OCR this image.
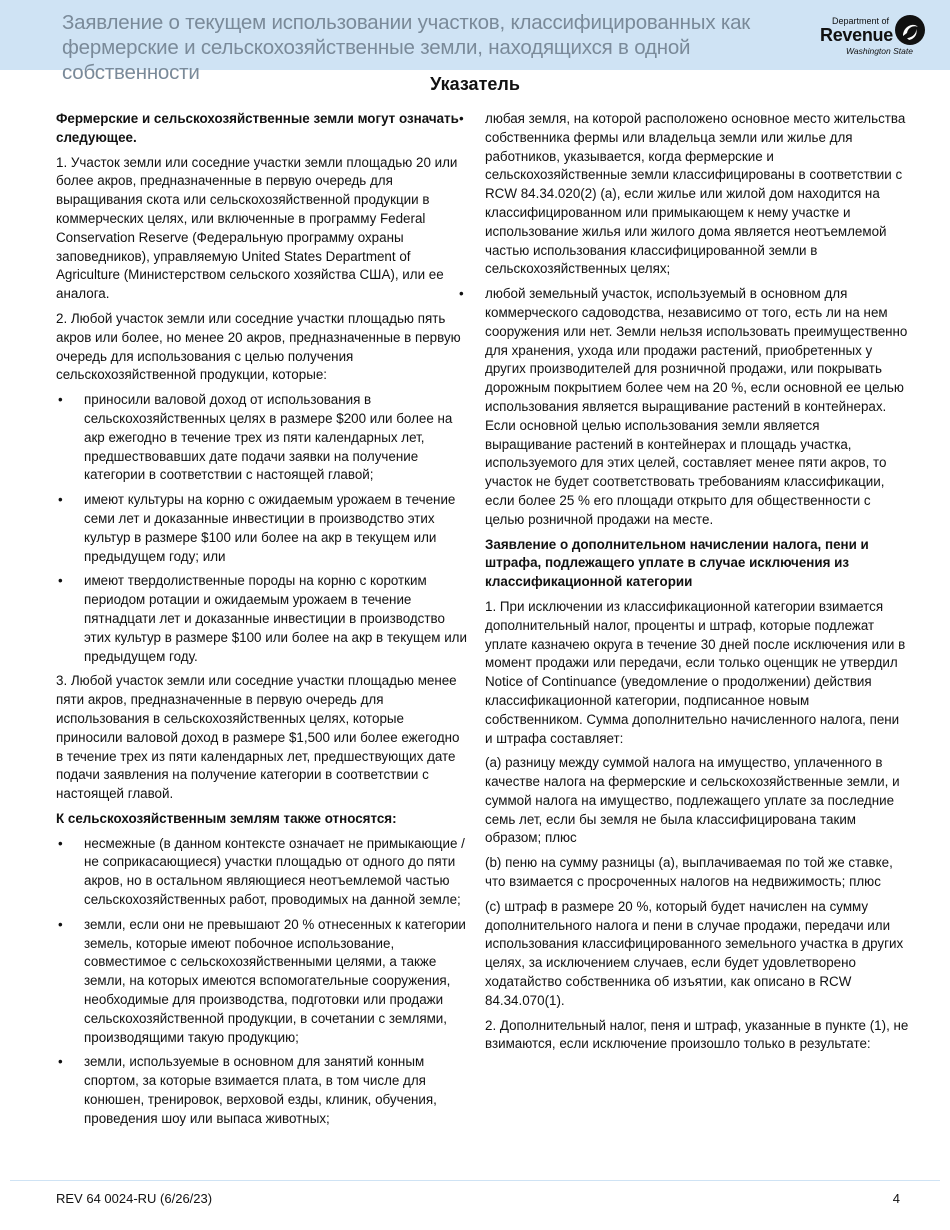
Заявление о текущем использовании участков, классифицированных как фермерские и сельскохозяйственные земли, находящихся в одной собственности
Department of
Revenue
Washington State
Указатель
Фермерские и сельскохозяйственные земли могут означать следующее.

1. Участок земли или соседние участки земли площадью 20 или более акров, предназначенные в первую очередь для выращивания скота или сельскохозяйственной продукции в коммерческих целях, или включенные в программу Federal Conservation Reserve (Федеральную программу охраны заповедников), управляемую United States Department of Agriculture (Министерством сельского хозяйства США), или ее аналога.

2. Любой участок земли или соседние участки площадью пять акров или более, но менее 20 акров, предназначенные в первую очередь для использования с целью получения сельскохозяйственной продукции, которые:

• приносили валовой доход от использования в сельскохозяйственных целях в размере $200 или более на акр ежегодно в течение трех из пяти календарных лет, предшествовавших дате подачи заявки на получение категории в соответствии с настоящей главой;
• имеют культуры на корню с ожидаемым урожаем в течение семи лет и доказанные инвестиции в производство этих культур в размере $100 или более на акр в текущем или предыдущем году; или
• имеют твердолиственные породы на корню с коротким периодом ротации и ожидаемым урожаем в течение пятнадцати лет и доказанные инвестиции в производство этих культур в размере $100 или более на акр в текущем или предыдущем году.

3. Любой участок земли или соседние участки площадью менее пяти акров, предназначенные в первую очередь для использования в сельскохозяйственных целях, которые приносили валовой доход в размере $1,500 или более ежегодно в течение трех из пяти календарных лет, предшествующих дате подачи заявления на получение категории в соответствии с настоящей главой.

К сельскохозяйственным землям также относятся:
• несмежные (в данном контексте означает не примыкающие / не соприкасающиеся) участки площадью от одного до пяти акров, но в остальном являющиеся неотъемлемой частью сельскохозяйственных работ, проводимых на данной земле;
• земли, если они не превышают 20 % отнесенных к категории земель, которые имеют побочное использование, совместимое с сельскохозяйственными целями, а также земли, на которых имеются вспомогательные сооружения, необходимые для производства, подготовки или продажи сельскохозяйственной продукции, в сочетании с землями, производящими такую продукцию;
• земли, используемые в основном для занятий конным спортом, за которые взимается плата, в том числе для конюшен, тренировок, верховой езды, клиник, обучения, проведения шоу или выпаса животных;
• любая земля, на которой расположено основное место жительства собственника фермы или владельца земли или жилье для работников, указывается, когда фермерские и сельскохозяйственные земли классифицированы в соответствии с RCW 84.34.020(2) (a), если жилье или жилой дом находится на классифицированном или примыкающем к нему участке и использование жилья или жилого дома является неотъемлемой частью использования классифицированной земли в сельскохозяйственных целях;
• любой земельный участок, используемый в основном для коммерческого садоводства, независимо от того, есть ли на нем сооружения или нет. Земли нельзя использовать преимущественно для хранения, ухода или продажи растений, приобретенных у других производителей для розничной продажи, или покрывать дорожным покрытием более чем на 20 %, если основной ее целью использования является выращивание растений в контейнерах. Если основной целью использования земли является выращивание растений в контейнерах и площадь участка, используемого для этих целей, составляет менее пяти акров, то участок не будет соответствовать требованиям классификации, если более 25 % его площади открыто для общественности с целью розничной продажи на месте.
Заявление о дополнительном начислении налога, пени и штрафа, подлежащего уплате в случае исключения из классификационной категории

1. При исключении из классификационной категории взимается дополнительный налог, проценты и штраф, которые подлежат уплате казначею округа в течение 30 дней после исключения или в момент продажи или передачи, если только оценщик не утвердил Notice of Continuance (уведомление о продолжении) действия классификационной категории, подписанное новым собственником. Сумма дополнительно начисленного налога, пени и штрафа составляет:

(a) разницу между суммой налога на имущество, уплаченного в качестве налога на фермерские и сельскохозяйственные земли, и суммой налога на имущество, подлежащего уплате за последние семь лет, если бы земля не была классифицирована таким образом; плюс

(b) пеню на сумму разницы (a), выплачиваемая по той же ставке, что взимается с просроченных налогов на недвижимость; плюс

(c) штраф в размере 20 %, который будет начислен на сумму дополнительного налога и пени в случае продажи, передачи или использования классифицированного земельного участка в других целях, за исключением случаев, если будет удовлетворено ходатайство собственника об изъятии, как описано в RCW 84.34.070(1).

2. Дополнительный налог, пеня и штраф, указанные в пункте (1), не взимаются, если исключение произошло только в результате:

REV 64 0024-RU (6/26/23)	4
